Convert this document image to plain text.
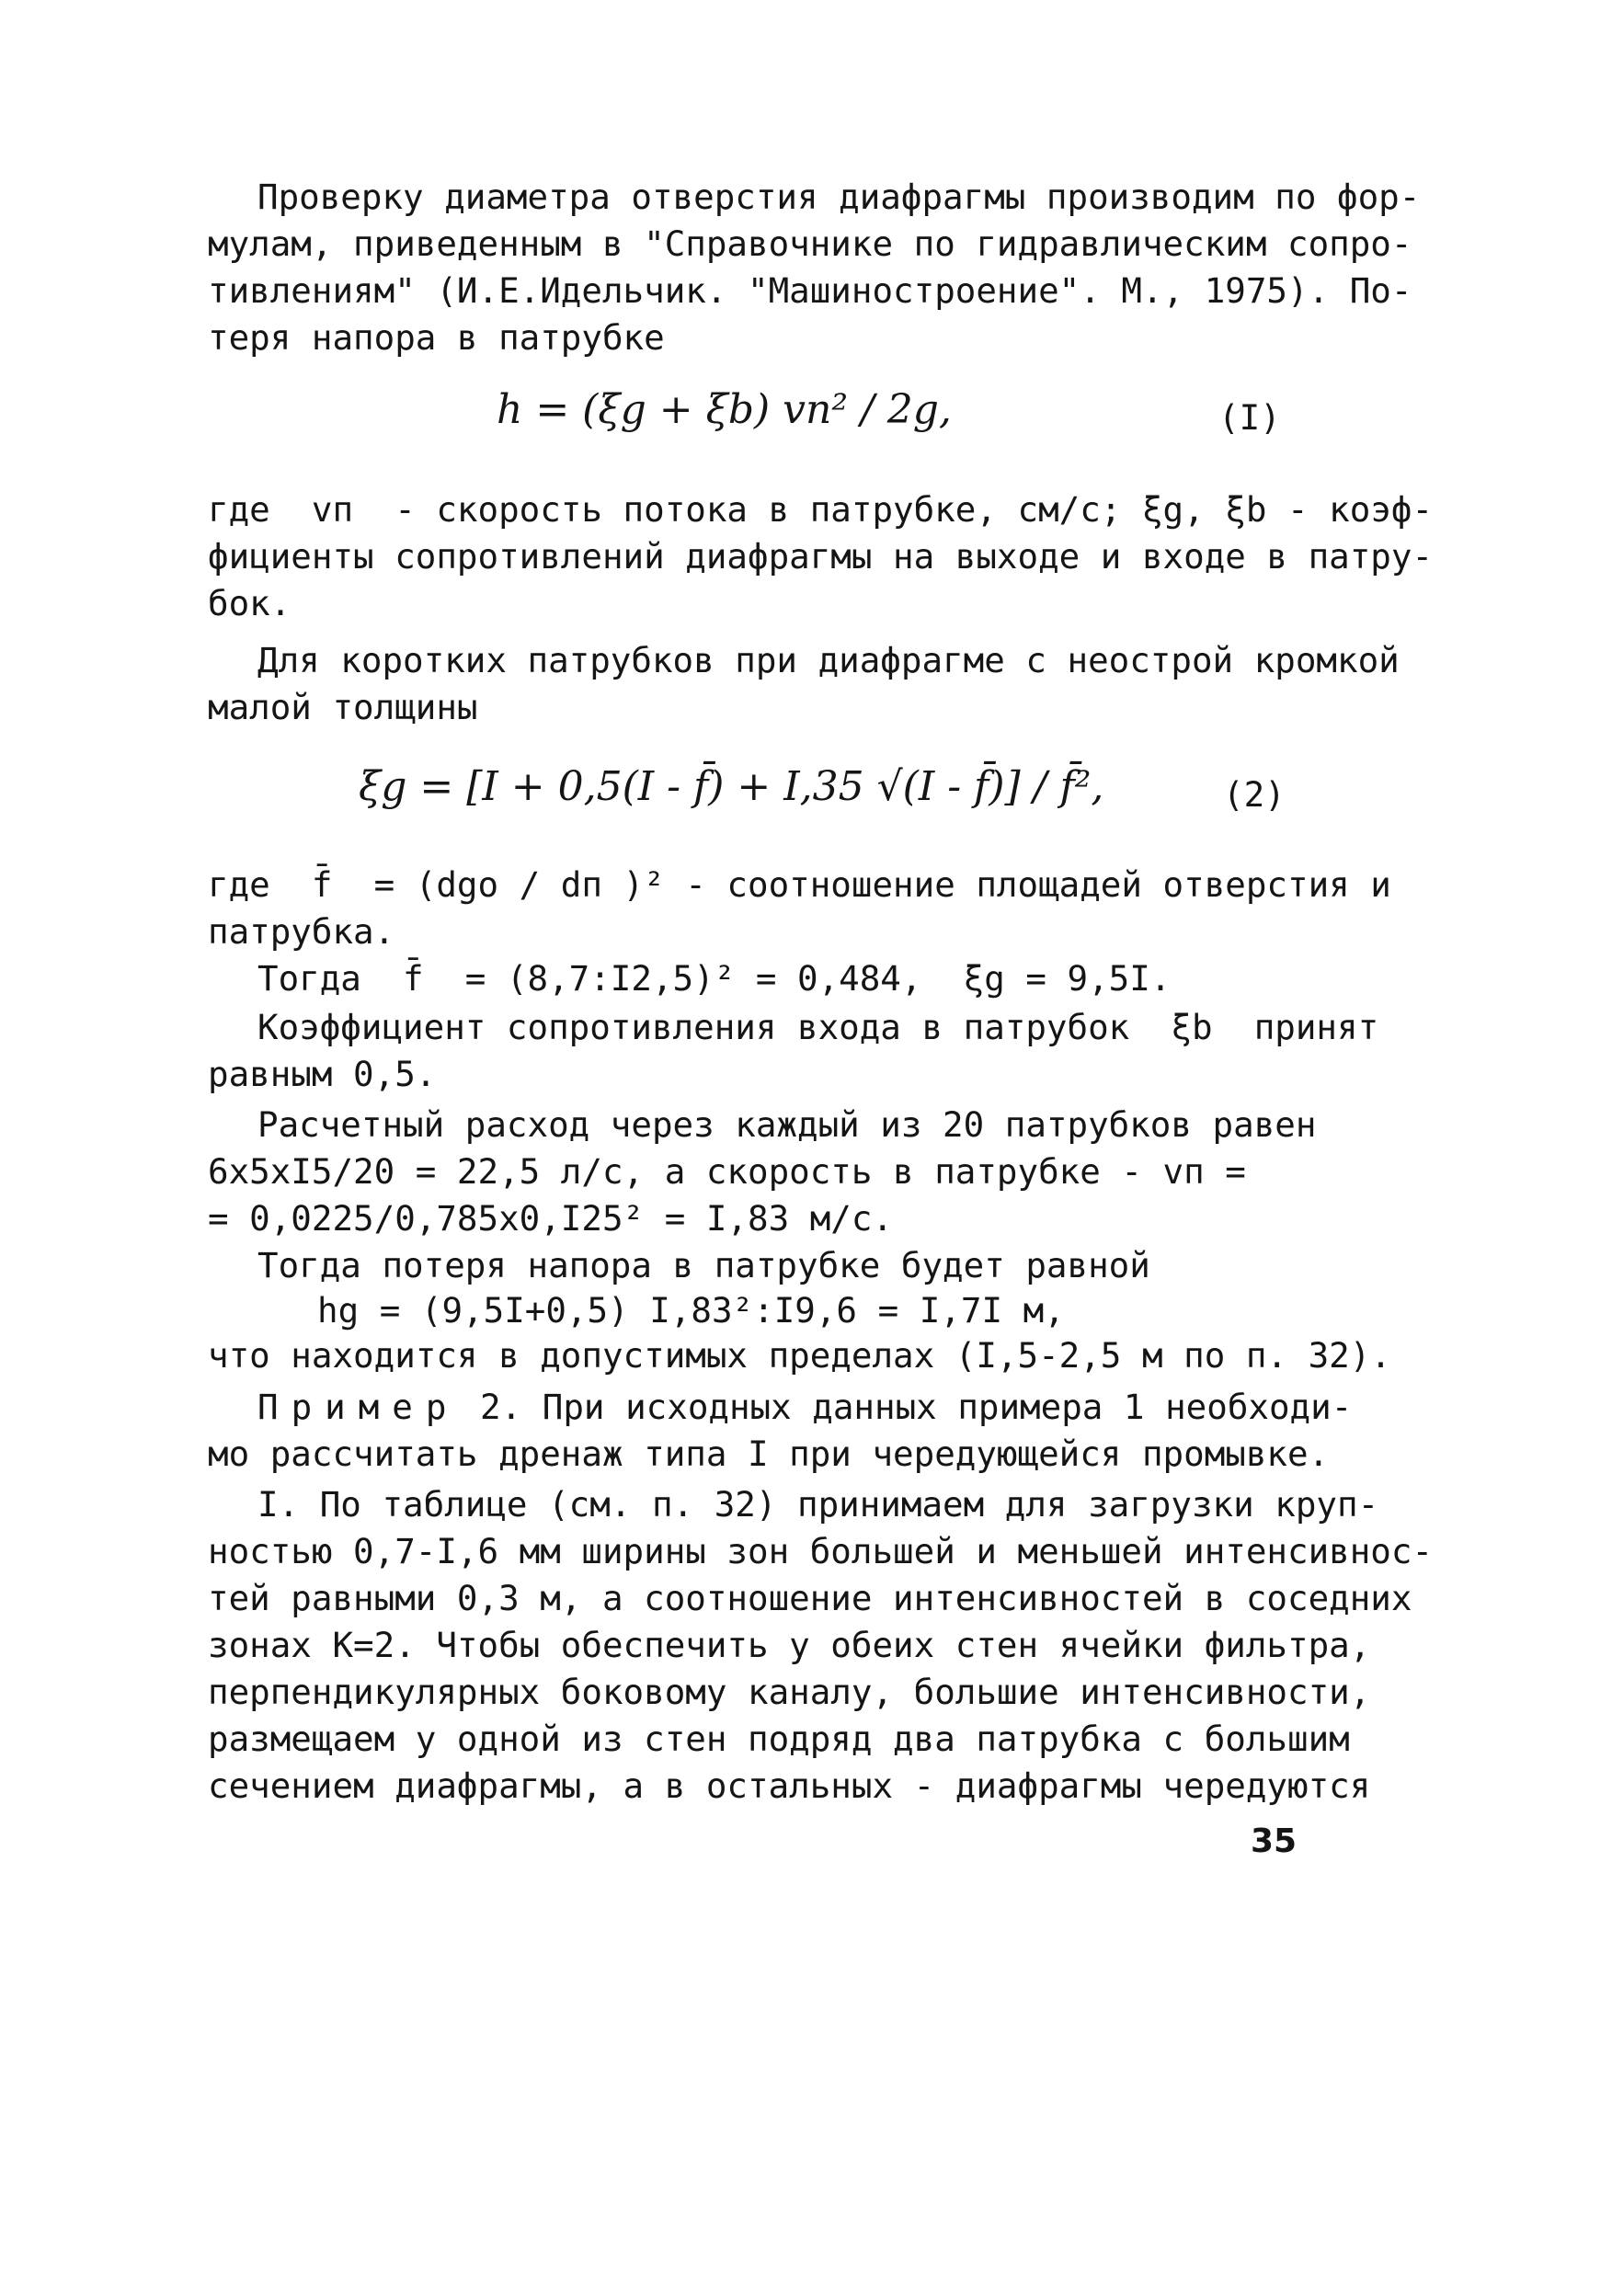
Проверку диаметра отверстия диафрагмы производим по фор-
мулам, приведенным в "Справочнике по гидравлическим сопро-
тивлениям" (И.Е.Идельчик. "Машиностроение". М., 1975). По-
теря напора в патрубке
h = (ξg + ξb) vп² / 2g,	(I)
где  vп  - скорость потока в патрубке, см/с; ξg, ξb - коэф-
фициенты сопротивлений диафрагмы на выходе и входе в патру-
бок.
Для коротких патрубков при диафрагме с неострой кромкой
малой толщины
ξg = [I + 0,5(I - f̄) + I,35 √(I - f̄)] / f̄²,	(2)
где  f̄  = (dgо / dп )² - соотношение площадей отверстия и
патрубка.
Тогда  f̄  = (8,7:I2,5)² = 0,484,  ξg = 9,5I.
Коэффициент сопротивления входа в патрубок  ξb  принят
равным 0,5.
Расчетный расход через каждый из 20 патрубков равен
6х5хI5/20 = 22,5 л/с, а скорость в патрубке - vп =
= 0,0225/0,785х0,I25² = I,83 м/с.
Тогда потеря напора в патрубке будет равной
hg = (9,5I+0,5) I,83²:I9,6 = I,7I м,
что находится в допустимых пределах (I,5-2,5 м по п. 32).
Пример 2. При исходных данных примера 1 необходи-
мо рассчитать дренаж типа I при чередующейся промывке.
I. По таблице (см. п. 32) принимаем для загрузки круп-
ностью 0,7-I,6 мм ширины зон большей и меньшей интенсивнос-
тей равными 0,3 м, а соотношение интенсивностей в соседних
зонах K=2. Чтобы обеспечить у обеих стен ячейки фильтра,
перпендикулярных боковому каналу, большие интенсивности,
размещаем у одной из стен подряд два патрубка с большим
сечением диафрагмы, а в остальных - диафрагмы чередуются
35
